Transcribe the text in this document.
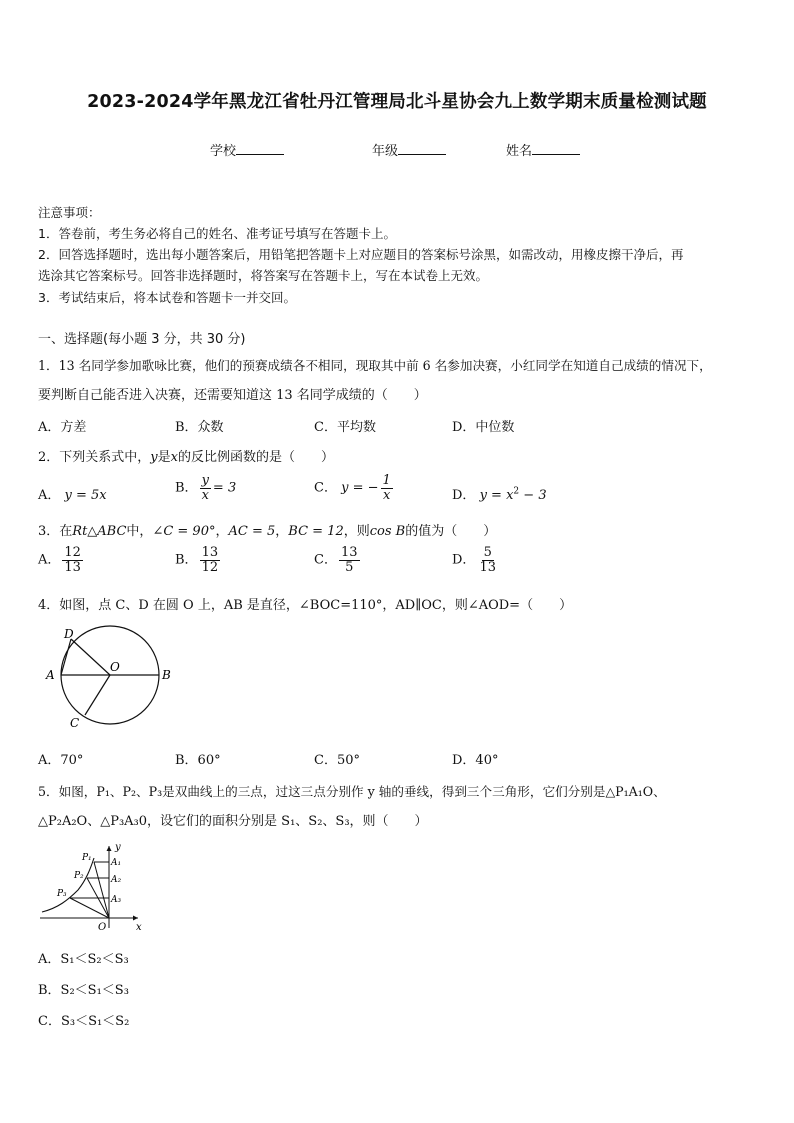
2023-2024学年黑龙江省牡丹江管理局北斗星协会九上数学期末质量检测试题
学校	年级	姓名
注意事项：
1．答卷前，考生务必将自己的姓名、准考证号填写在答题卡上。
2．回答选择题时，选出每小题答案后，用铅笔把答题卡上对应题目的答案标号涂黑，如需改动，用橡皮擦干净后，再
选涂其它答案标号。回答非选择题时，将答案写在答题卡上，写在本试卷上无效。
3．考试结束后，将本试卷和答题卡一并交回。
一、选择题(每小题 3 分，共 30 分)
1．13 名同学参加歌咏比赛，他们的预赛成绩各不相同，现取其中前 6 名参加决赛，小红同学在知道自己成绩的情况下，
要判断自己能否进入决赛，还需要知道这 13 名同学成绩的（　　）
A．方差	B．众数	C．平均数	D．中位数
2．下列关系式中，y是x的反比例函数的是（　　）
A． y = 5x	B． $\frac{y}{x} = 3$	C． y = − $\frac{1}{x}$	D． $y = x^2 - 3$
3．在Rt△ABC中，∠C = 90°，AC = 5，BC = 12，则cos B的值为（　　）
A． $\frac{12}{13}$	B． $\frac{13}{12}$	C． $\frac{13}{5}$	D． $\frac{5}{13}$
4．如图，点 C、D 在圆 O 上，AB 是直径，∠BOC=110°，AD∥OC，则∠AOD=（　　）
D
A
O
B
C
A．70°	B．60°	C．50°	D．40°
5．如图，P₁、P₂、P₃是双曲线上的三点，过这三点分别作 y 轴的垂线，得到三个三角形，它们分别是△P₁A₁O、
△P₂A₂O、△P₃A₃0，设它们的面积分别是 S₁、S₂、S₃，则（　　）
y
x
O
P₁
P₂
P₃
A₁
A₂
A₃
A．S₁＜S₂＜S₃
B．S₂＜S₁＜S₃
C．S₃＜S₁＜S₂
